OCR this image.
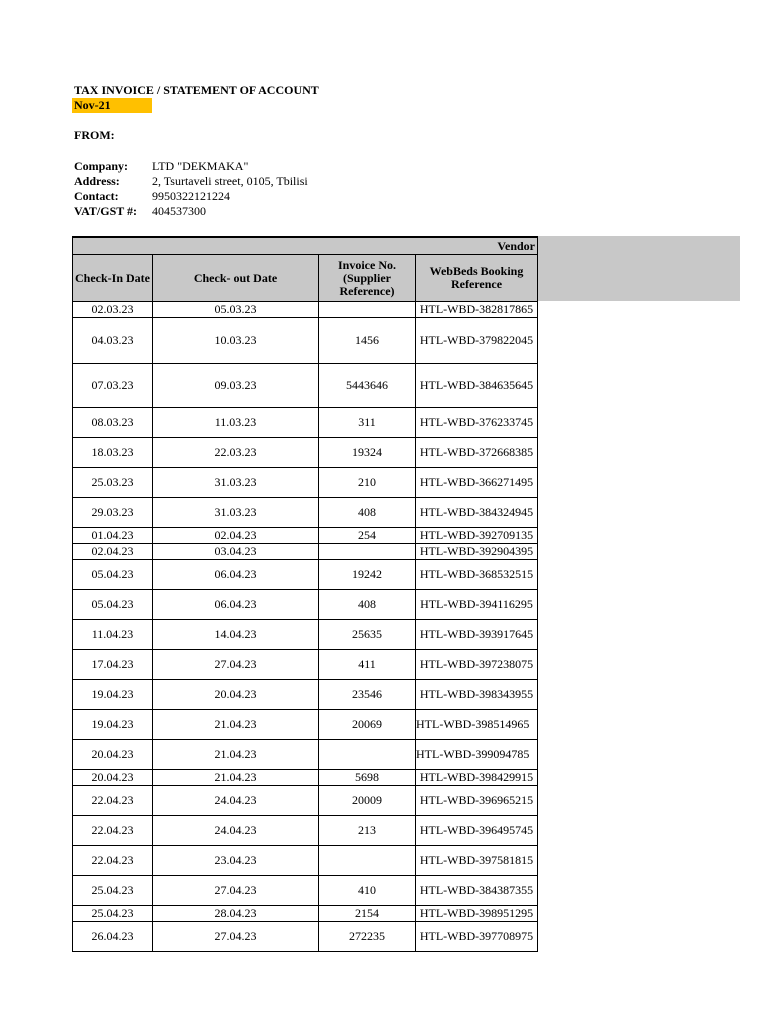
TAX INVOICE / STATEMENT OF ACCOUNT
Nov-21
FROM:
Company:	LTD "DEKMAKA"
Address:	2, Tsurtaveli street, 0105, Tbilisi
Contact:	9950322121224
VAT/GST #:	404537300
Vendor			
Check-In Date	Check- out Date	Invoice No. (Supplier Reference)	WebBeds Booking Reference
02.03.23	05.03.23		HTL-WBD-382817865
04.03.23	10.03.23	1456	HTL-WBD-379822045
07.03.23	09.03.23	5443646	HTL-WBD-384635645
08.03.23	11.03.23	311	HTL-WBD-376233745
18.03.23	22.03.23	19324	HTL-WBD-372668385
25.03.23	31.03.23	210	HTL-WBD-366271495
29.03.23	31.03.23	408	HTL-WBD-384324945
01.04.23	02.04.23	254	HTL-WBD-392709135
02.04.23	03.04.23		HTL-WBD-392904395
05.04.23	06.04.23	19242	HTL-WBD-368532515
05.04.23	06.04.23	408	HTL-WBD-394116295
11.04.23	14.04.23	25635	HTL-WBD-393917645
17.04.23	27.04.23	411	HTL-WBD-397238075
19.04.23	20.04.23	23546	HTL-WBD-398343955
19.04.23	21.04.23	20069	HTL-WBD-398514965
20.04.23	21.04.23		HTL-WBD-399094785
20.04.23	21.04.23	5698	HTL-WBD-398429915
22.04.23	24.04.23	20009	HTL-WBD-396965215
22.04.23	24.04.23	213	HTL-WBD-396495745
22.04.23	23.04.23		HTL-WBD-397581815
25.04.23	27.04.23	410	HTL-WBD-384387355
25.04.23	28.04.23	2154	HTL-WBD-398951295
26.04.23	27.04.23	272235	HTL-WBD-397708975
